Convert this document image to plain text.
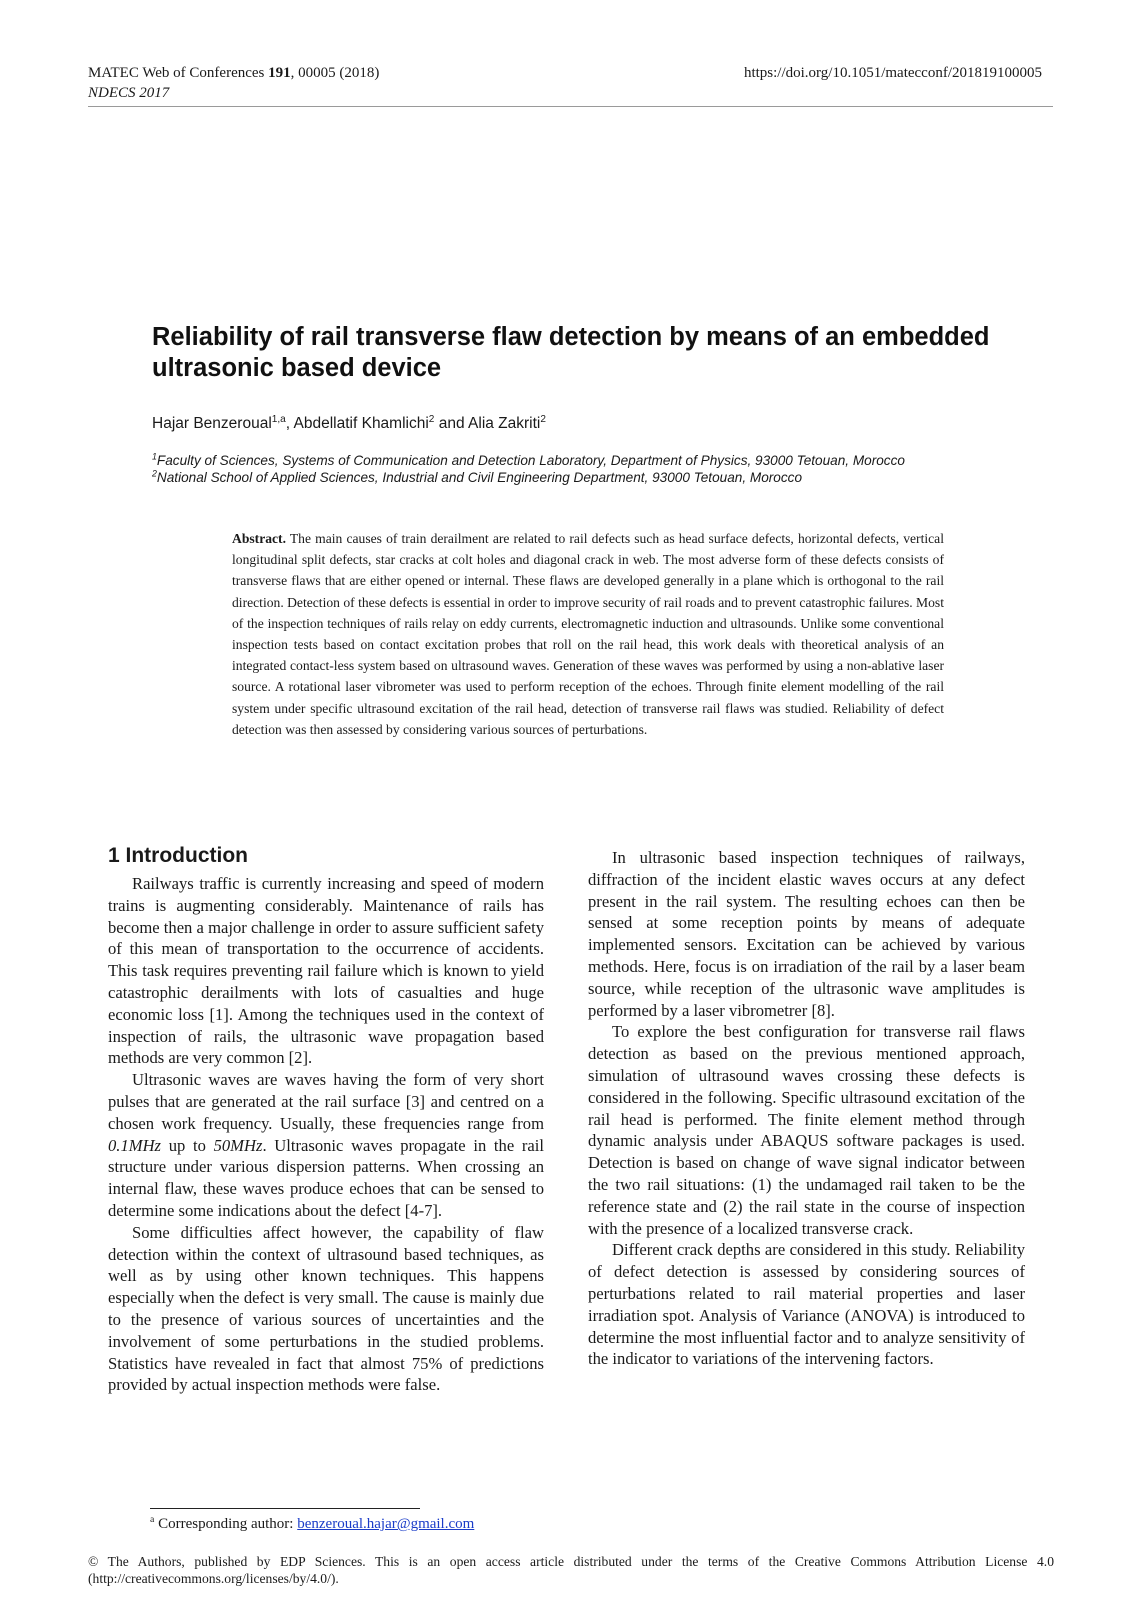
MATEC Web of Conferences 191, 00005 (2018)
NDECS 2017
https://doi.org/10.1051/matecconf/201819100005
Reliability of rail transverse flaw detection by means of an embedded
ultrasonic based device
Hajar Benzeroual$^{1,a}$, Abdellatif Khamlichi$^2$ and Alia Zakriti$^2$
$^1$Faculty of Sciences, Systems of Communication and Detection Laboratory, Department of Physics, 93000 Tetouan, Morocco
$^2$National School of Applied Sciences, Industrial and Civil Engineering Department, 93000 Tetouan, Morocco
Abstract. The main causes of train derailment are related to rail defects such as head surface defects, horizontal defects, vertical longitudinal split defects, star cracks at colt holes and diagonal crack in web. The most adverse form of these defects consists of transverse flaws that are either opened or internal. These flaws are developed generally in a plane which is orthogonal to the rail direction. Detection of these defects is essential in order to improve security of rail roads and to prevent catastrophic failures. Most of the inspection techniques of rails relay on eddy currents, electromagnetic induction and ultrasounds. Unlike some conventional inspection tests based on contact excitation probes that roll on the rail head, this work deals with theoretical analysis of an integrated contact-less system based on ultrasound waves. Generation of these waves was performed by using a non-ablative laser source. A rotational laser vibrometer was used to perform reception of the echoes. Through finite element modelling of the rail system under specific ultrasound excitation of the rail head, detection of transverse rail flaws was studied. Reliability of defect detection was then assessed by considering various sources of perturbations.
1 Introduction

Railways traffic is currently increasing and speed of modern trains is augmenting considerably. Maintenance of rails has become then a major challenge in order to assure sufficient safety of this mean of transportation to the occurrence of accidents. This task requires preventing rail failure which is known to yield catastrophic derailments with lots of casualties and huge economic loss [1]. Among the techniques used in the context of inspection of rails, the ultrasonic wave propagation based methods are very common [2].

Ultrasonic waves are waves having the form of very short pulses that are generated at the rail surface [3] and centred on a chosen work frequency. Usually, these frequencies range from 0.1MHz up to 50MHz. Ultrasonic waves propagate in the rail structure under various dispersion patterns. When crossing an internal flaw, these waves produce echoes that can be sensed to determine some indications about the defect [4-7].

Some difficulties affect however, the capability of flaw detection within the context of ultrasound based techniques, as well as by using other known techniques. This happens especially when the defect is very small. The cause is mainly due to the presence of various sources of uncertainties and the involvement of some perturbations in the studied problems. Statistics have revealed in fact that almost 75% of predictions provided by actual inspection methods were false.

In ultrasonic based inspection techniques of railways, diffraction of the incident elastic waves occurs at any defect present in the rail system. The resulting echoes can then be sensed at some reception points by means of adequate implemented sensors. Excitation can be achieved by various methods. Here, focus is on irradiation of the rail by a laser beam source, while reception of the ultrasonic wave amplitudes is performed by a laser vibrometrer [8].

To explore the best configuration for transverse rail flaws detection as based on the previous mentioned approach, simulation of ultrasound waves crossing these defects is considered in the following. Specific ultrasound excitation of the rail head is performed. The finite element method through dynamic analysis under ABAQUS software packages is used. Detection is based on change of wave signal indicator between the two rail situations: (1) the undamaged rail taken to be the reference state and (2) the rail state in the course of inspection with the presence of a localized transverse crack.

Different crack depths are considered in this study. Reliability of defect detection is assessed by considering sources of perturbations related to rail material properties and laser irradiation spot. Analysis of Variance (ANOVA) is introduced to determine the most influential factor and to analyze sensitivity of the indicator to variations of the intervening factors.

$^a$ Corresponding author: benzeroual.hajar@gmail.com
© The Authors, published by EDP Sciences. This is an open access article distributed under the terms of the Creative Commons Attribution License 4.0 (http://creativecommons.org/licenses/by/4.0/).
